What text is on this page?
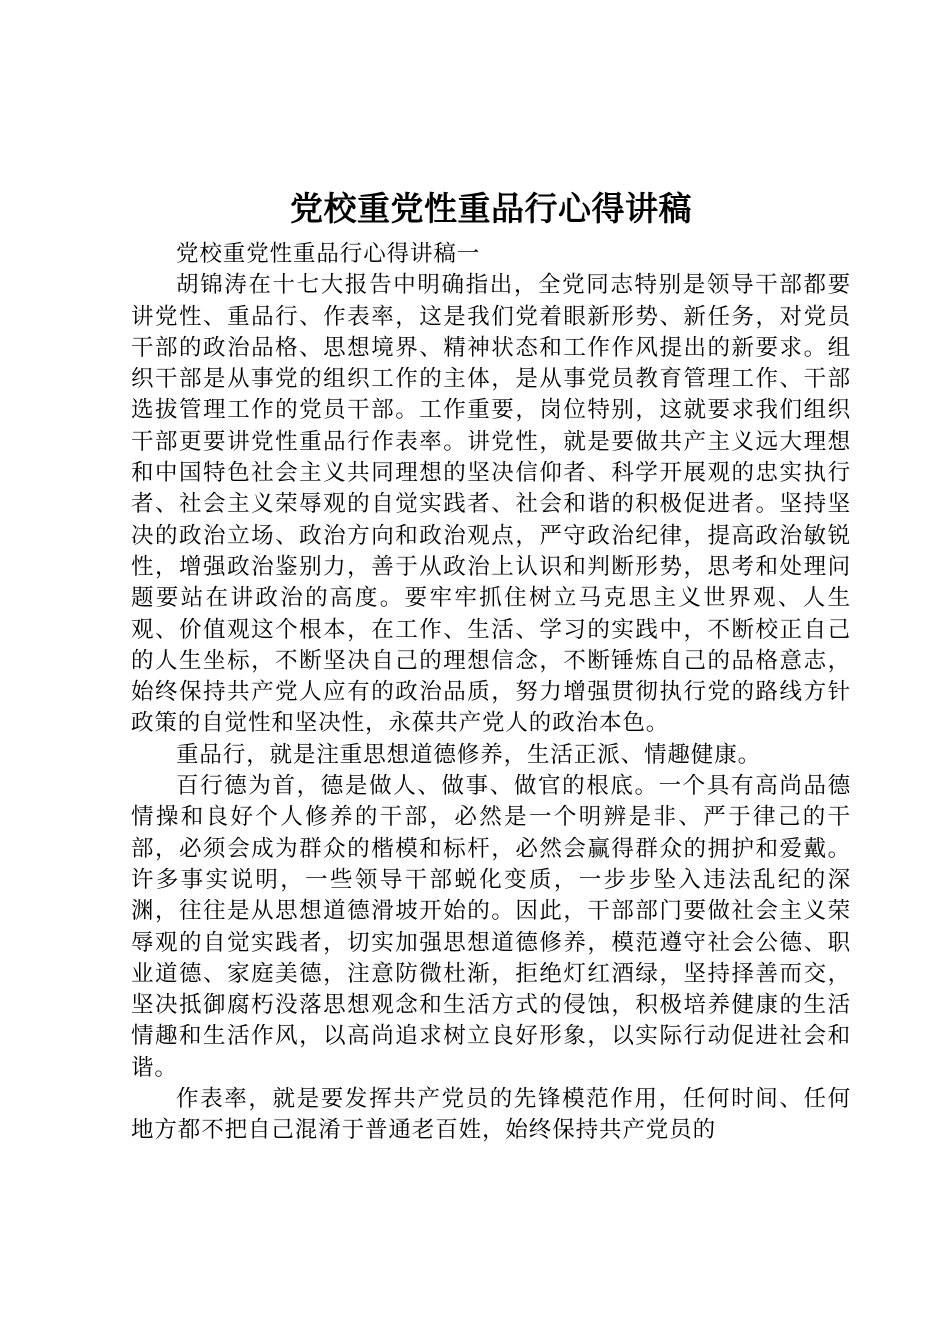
党校重党性重品行心得讲稿

党校重党性重品行心得讲稿一

胡锦涛在十七大报告中明确指出，全党同志特别是领导干部都要讲党性、重品行、作表率，这是我们党着眼新形势、新任务，对党员干部的政治品格、思想境界、精神状态和工作作风提出的新要求。组织干部是从事党的组织工作的主体，是从事党员教育管理工作、干部选拔管理工作的党员干部。工作重要，岗位特别，这就要求我们组织干部更要讲党性重品行作表率。讲党性，就是要做共产主义远大理想和中国特色社会主义共同理想的坚决信仰者、科学开展观的忠实执行者、社会主义荣辱观的自觉实践者、社会和谐的积极促进者。坚持坚决的政治立场、政治方向和政治观点，严守政治纪律，提高政治敏锐性，增强政治鉴别力，善于从政治上认识和判断形势，思考和处理问题要站在讲政治的高度。要牢牢抓住树立马克思主义世界观、人生观、价值观这个根本，在工作、生活、学习的实践中，不断校正自己的人生坐标，不断坚决自己的理想信念，不断锤炼自己的品格意志，始终保持共产党人应有的政治品质，努力增强贯彻执行党的路线方针政策的自觉性和坚决性，永葆共产党人的政治本色。

重品行，就是注重思想道德修养，生活正派、情趣健康。

百行德为首，德是做人、做事、做官的根底。一个具有高尚品德情操和良好个人修养的干部，必然是一个明辨是非、严于律己的干部，必须会成为群众的楷模和标杆，必然会赢得群众的拥护和爱戴。许多事实说明，一些领导干部蜕化变质，一步步坠入违法乱纪的深渊，往往是从思想道德滑坡开始的。因此，干部部门要做社会主义荣辱观的自觉实践者，切实加强思想道德修养，模范遵守社会公德、职业道德、家庭美德，注意防微杜渐，拒绝灯红酒绿，坚持择善而交，坚决抵御腐朽没落思想观念和生活方式的侵蚀，积极培养健康的生活情趣和生活作风，以高尚追求树立良好形象，以实际行动促进社会和谐。

作表率，就是要发挥共产党员的先锋模范作用，任何时间、任何地方都不把自己混淆于普通老百姓，始终保持共产党员的
